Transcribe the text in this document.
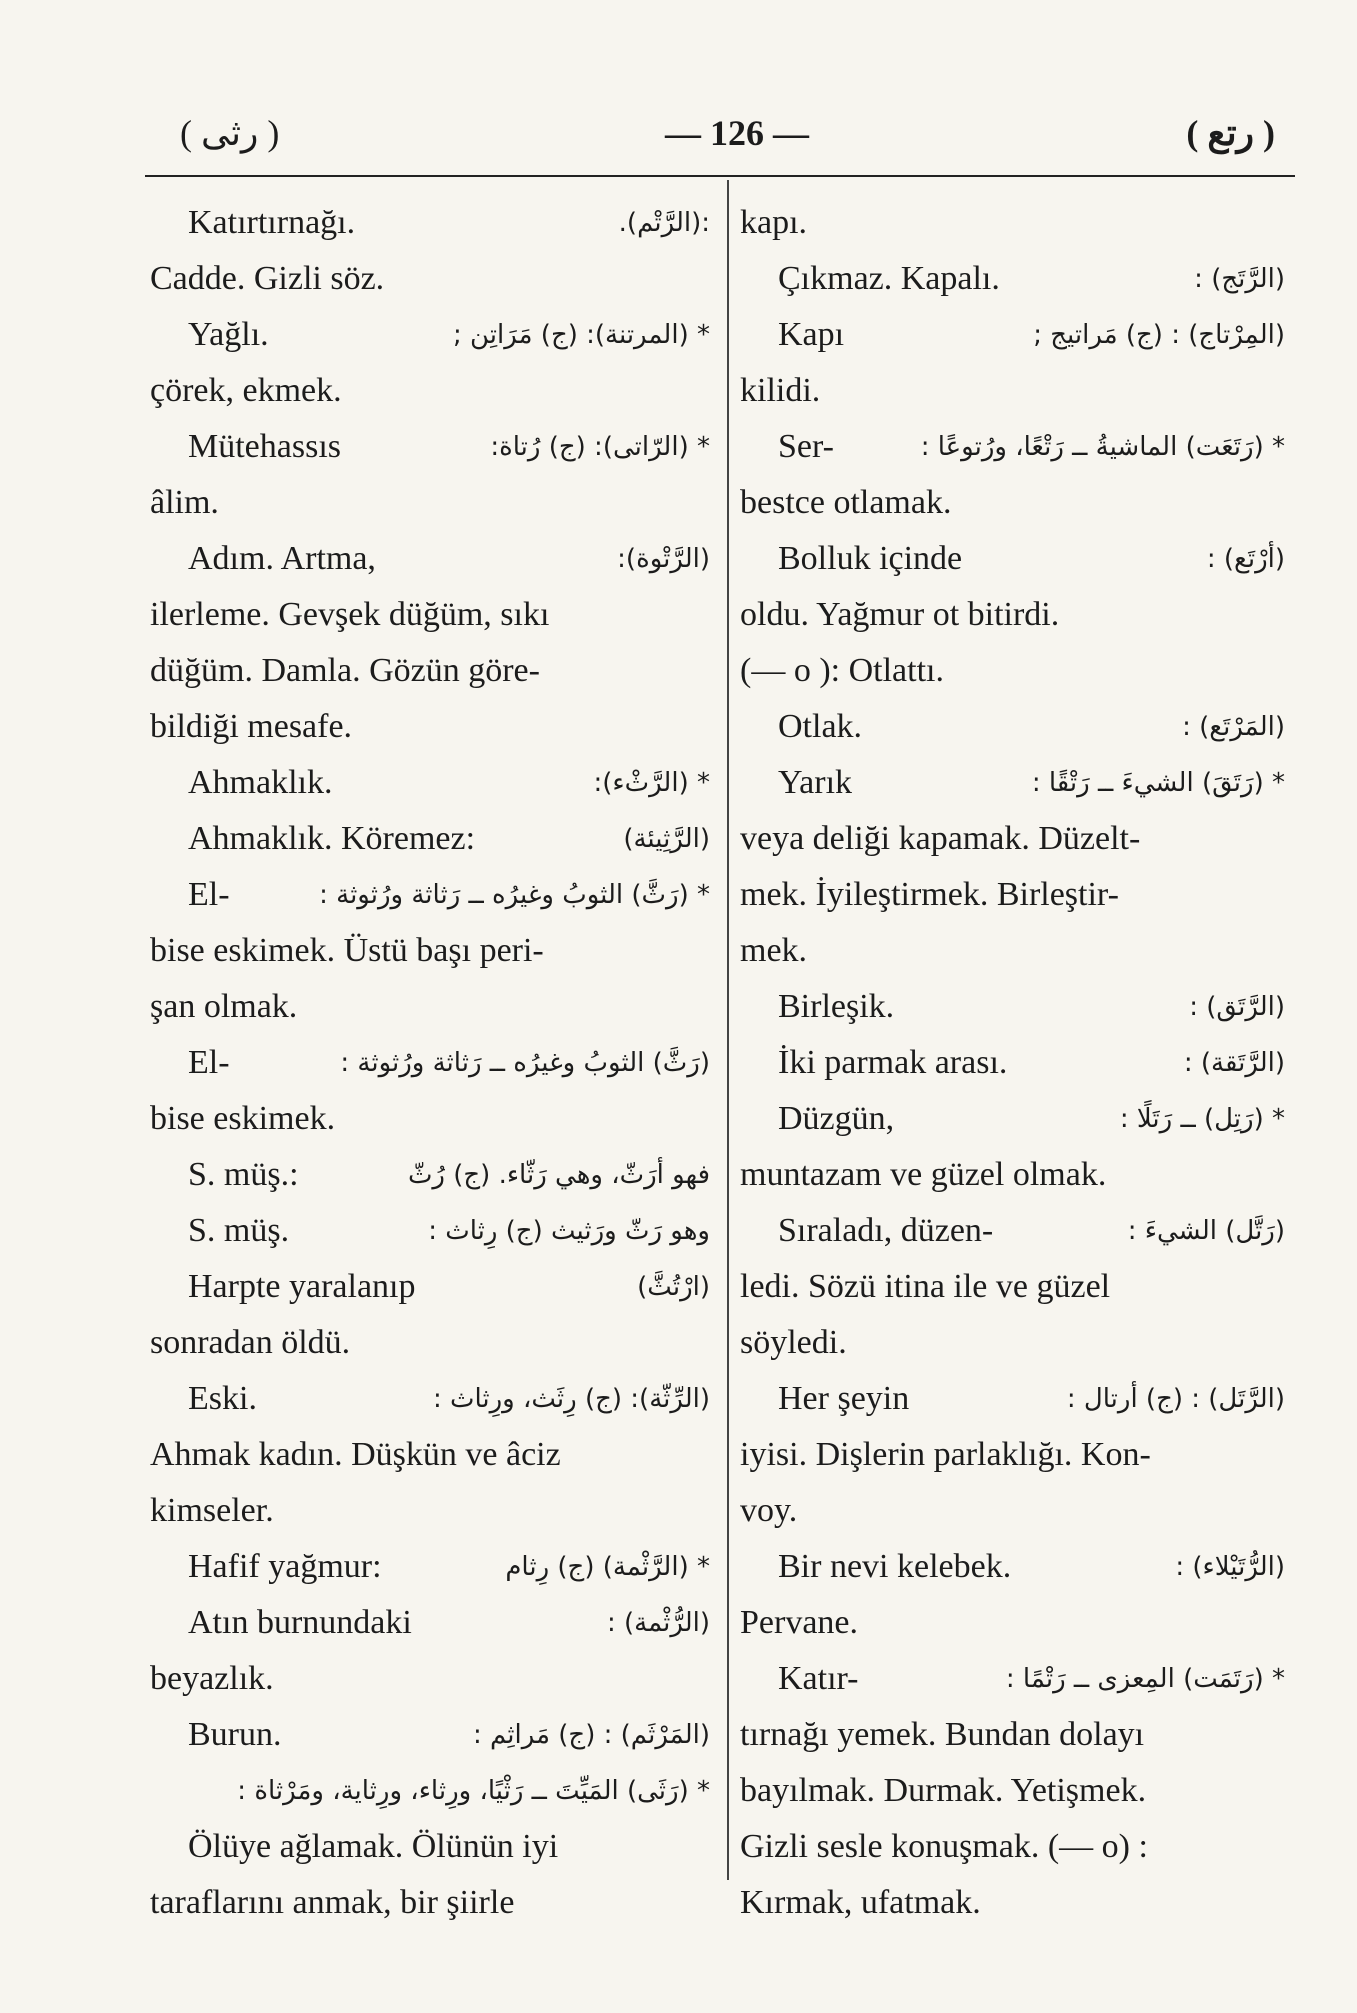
( رثى )	— 126 —	( رتع )
Katırtırnağı.	:(الرَّتْم).
Cadde. Gizli söz.
Yağlı.	* (المرتنة): (ج) مَرَاتِن ;
çörek, ekmek.
Mütehassıs	* (الرّاتى): (ج) رُتاة:
âlim.
Adım. Artma,	(الرَّتْوة):
ilerleme. Gevşek düğüm, sıkı
düğüm. Damla. Gözün göre-
bildiği mesafe.
Ahmaklık.	* (الرَّثْء):
Ahmaklık. Köremez:	(الرَّثِيئة)
El-	* (رَثَّ) الثوبُ وغيرُه ــ رَثاثة ورُثوثة :
bise eskimek. Üstü başı peri-
şan olmak.
El-	(رَثَّ) الثوبُ وغيرُه ــ رَثاثة ورُثوثة :
bise eskimek.
S. müş.:	فهو أرَثّ، وهي رَثّاء. (ج) رُثّ
S. müş.	وهو رَثّ ورَثيث (ج) رِثاث :
Harpte yaralanıp	(ارْتُثَّ)
sonradan öldü.
Eski.	(الرِّثّة): (ج) رِثَث، ورِثاث :
Ahmak kadın. Düşkün ve âciz
kimseler.
Hafif yağmur:	* (الرَّثْمة) (ج) رِثام
Atın burnundaki	(الرُّثْمة) :
beyazlık.
Burun.	(المَرْثَم) : (ج) مَراثِم :
* (رَثَى) المَيِّتَ ــ رَثْيًا، ورِثاء، ورِثاية، ومَرْثاة :
Ölüye ağlamak. Ölünün iyi
taraflarını anmak, bir şiirle
kapı.
Çıkmaz. Kapalı.	(الرَّتَج) :
Kapı	(المِرْتاج) : (ج) مَراتيج ;
kilidi.
Ser-	* (رَتَعَت) الماشيةُ ــ رَتْعًا، ورُتوعًا :
bestce otlamak.
Bolluk içinde	(أرْتَع) :
oldu. Yağmur ot bitirdi.
(— o ): Otlattı.
Otlak.	(المَرْتَع) :
Yarık	* (رَتَقَ) الشيءَ ــ رَتْقًا :
veya deliği kapamak. Düzelt-
mek. İyileştirmek. Birleştir-
mek.
Birleşik.	(الرَّتَق) :
İki parmak arası.	(الرَّتَقة) :
Düzgün,	* (رَتِل) ــ رَتَلًا :
muntazam ve güzel olmak.
Sıraladı, düzen-	(رَتَّل) الشيءَ :
ledi. Sözü itina ile ve güzel
söyledi.
Her şeyin	(الرَّتَل) : (ج) أرتال :
iyisi. Dişlerin parlaklığı. Kon-
voy.
Bir nevi kelebek.	(الرُّتَيْلاء) :
Pervane.
Katır-	* (رَتَمَت) المِعزى ــ رَتْمًا :
tırnağı yemek. Bundan dolayı
bayılmak. Durmak. Yetişmek.
Gizli sesle konuşmak. (— o) :
Kırmak, ufatmak.
